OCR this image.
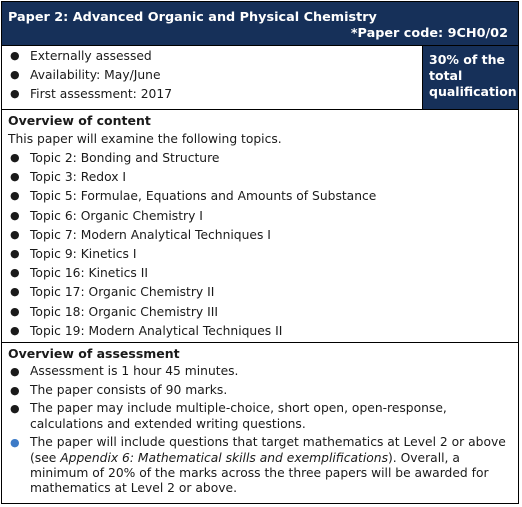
Paper 2: Advanced Organic and Physical Chemistry
*Paper code: 9CH0/02
● Externally assessed
● Availability: May/June
● First assessment: 2017
30% of the
total
qualification
Overview of content

This paper will examine the following topics.

● Topic 2: Bonding and Structure
● Topic 3: Redox I
● Topic 5: Formulae, Equations and Amounts of Substance
● Topic 6: Organic Chemistry I
● Topic 7: Modern Analytical Techniques I
● Topic 9: Kinetics I
● Topic 16: Kinetics II
● Topic 17: Organic Chemistry II
● Topic 18: Organic Chemistry III
● Topic 19: Modern Analytical Techniques II
Overview of assessment
● Assessment is 1 hour 45 minutes.
● The paper consists of 90 marks.
● The paper may include multiple-choice, short open, open-response, calculations and extended writing questions.
● The paper will include questions that target mathematics at Level 2 or above (see Appendix 6: Mathematical skills and exemplifications). Overall, a minimum of 20% of the marks across the three papers will be awarded for mathematics at Level 2 or above.
